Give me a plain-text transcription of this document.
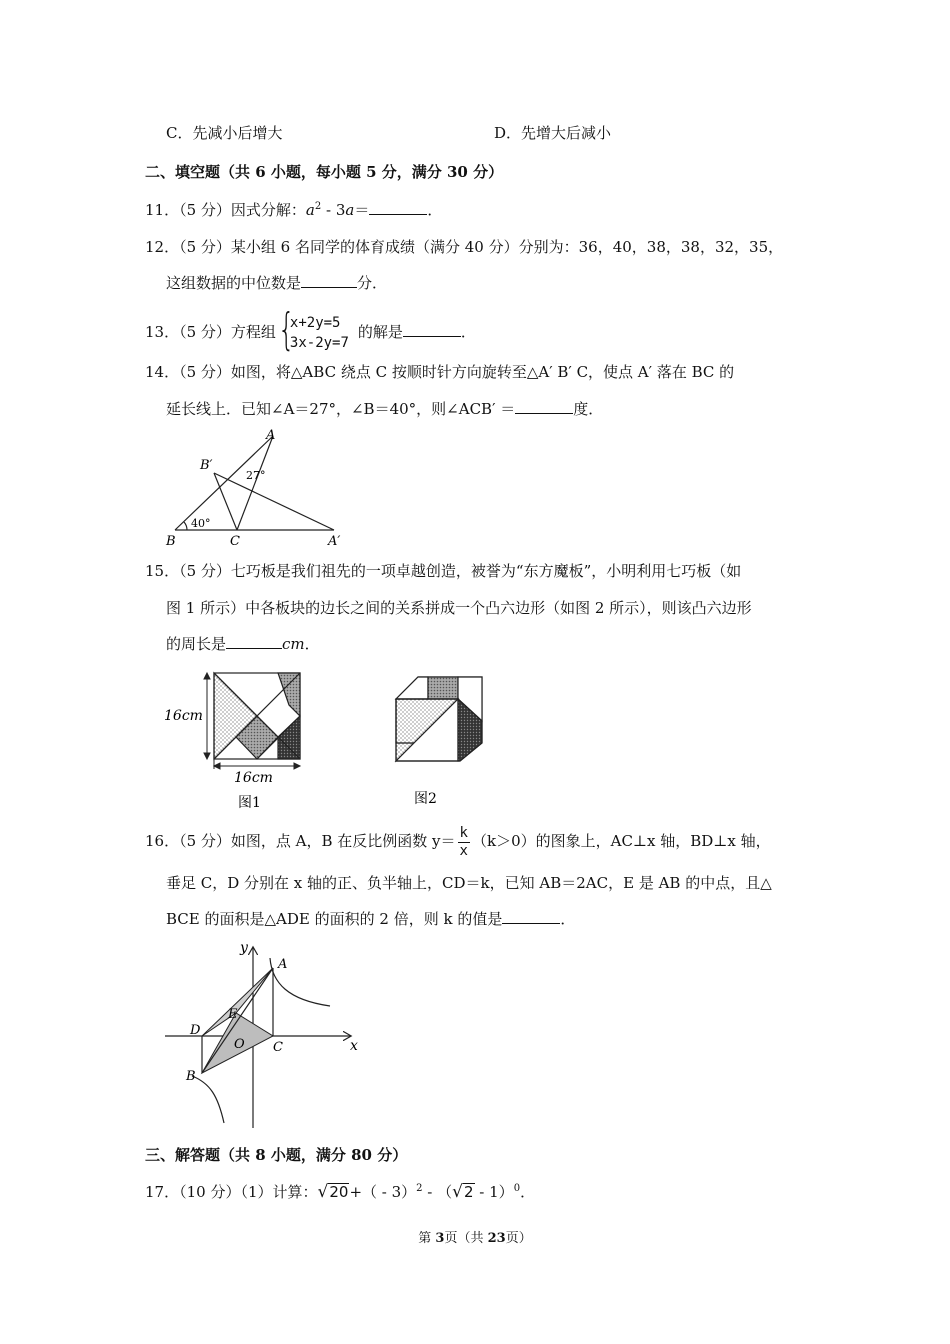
C．先减小后增大	D．先增大后减小
二、填空题（共 6 小题，每小题 5 分，满分 30 分）
11．（5 分）因式分解：$a^2 - 3a=$	．
12．（5 分）某小组 6 名同学的体育成绩（满分 40 分）分别为：36，40，38，38，32，35，
这组数据的中位数是	分．
13．（5 分）方程组 {
x+2y=5
3x-2y=7
的解是	．
14．（5 分）如图，将△ABC 绕点 C 按顺时针方向旋转至△A′ B′ C，使点 A′ 落在 BC 的
延长线上．已知∠A＝27°，∠B＝40°，则∠ACB′ ＝	度．
A
B′
27°
40°
B	C	A′
15．（5 分）七巧板是我们祖先的一项卓越创造，被誉为“东方魔板”，小明利用七巧板（如
图 1 所示）中各板块的边长之间的关系拼成一个凸六边形（如图 2 所示），则该凸六边形
的周长是	cm．
16cm
16cm
图1	图2
16．（5 分）如图，点 A，B 在反比例函数 $y= \frac{k}{x} (k>0)$的图象上，AC⊥x 轴，BD⊥x 轴，
垂足 C，D 分别在 x 轴的正、负半轴上，CD＝k，已知 AB＝2AC，E 是 AB 的中点，且△
BCE 的面积是△ADE 的面积的 2 倍，则 k 的值是	．
y
A
E
D
O C	x
B
三、解答题（共 8 小题，满分 80 分）
17．（10 分）（1）计算：√20+（ - 3）$^2$ - （√2 - 1）$^0$．
第 3页（共 23页）
